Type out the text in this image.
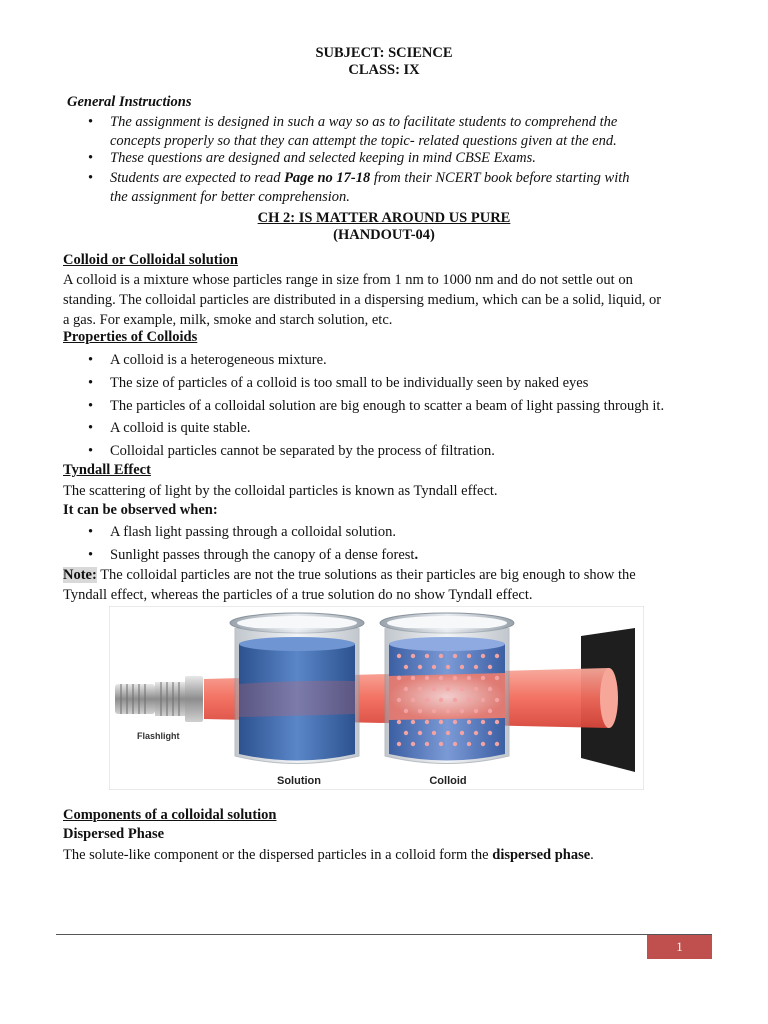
SUBJECT: SCIENCE
CLASS: IX
General Instructions
• The assignment is designed in such a way so as to facilitate students to comprehend the
concepts properly so that they can attempt the topic- related questions given at the end.
• These questions are designed and selected keeping in mind CBSE Exams.
• Students are expected to read Page no 17-18 from their NCERT book before starting with
the assignment for better comprehension.
CH 2: IS MATTER AROUND US PURE
(HANDOUT-04)
Colloid or Colloidal solution
A colloid is a mixture whose particles range in size from 1 nm to 1000 nm and do not settle out on
standing. The colloidal particles are distributed in a dispersing medium, which can be a solid, liquid, or
a gas. For example, milk, smoke and starch solution, etc.
Properties of Colloids
• A colloid is a heterogeneous mixture.
• The size of particles of a colloid is too small to be individually seen by naked eyes
• The particles of a colloidal solution are big enough to scatter a beam of light passing through it.
• A colloid is quite stable.
• Colloidal particles cannot be separated by the process of filtration.
Tyndall Effect
The scattering of light by the colloidal particles is known as Tyndall effect.
It can be observed when:
• A flash light passing through a colloidal solution.
• Sunlight passes through the canopy of a dense forest.
Note: The colloidal particles are not the true solutions as their particles are big enough to show the
Tyndall effect, whereas the particles of a true solution do no show Tyndall effect.
Flashlight
Solution	Colloid
Components of a colloidal solution
Dispersed Phase
The solute-like component or the dispersed particles in a colloid form the dispersed phase.
1
